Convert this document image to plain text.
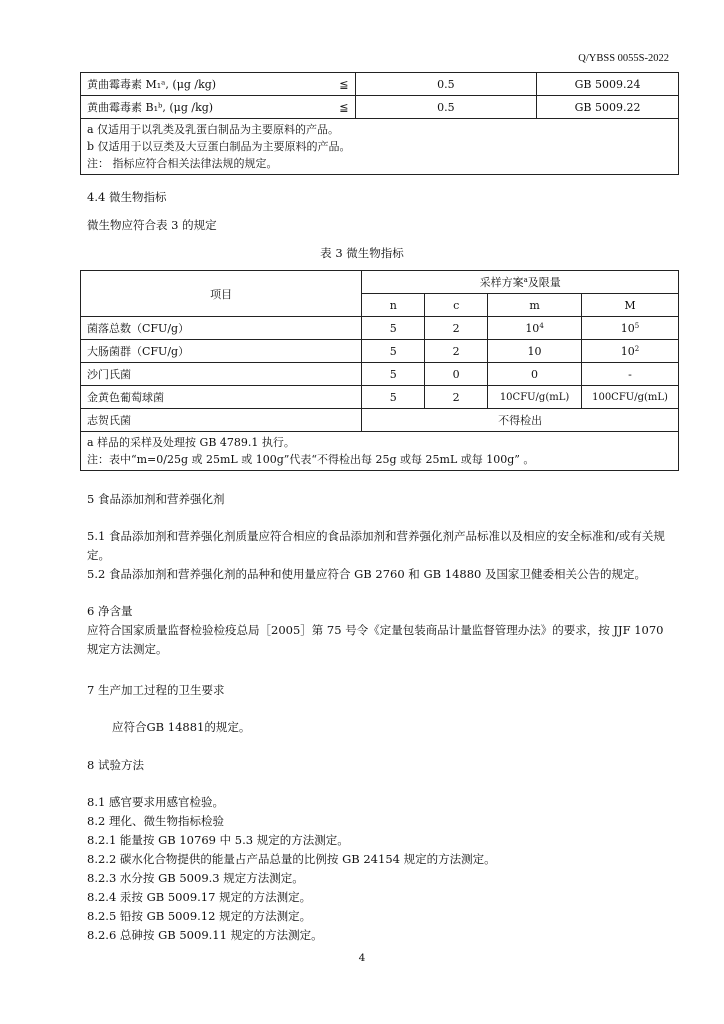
Q/YBSS 0055S-2022
黄曲霉毒素 M₁ᵃ, (μg /kg)	≦	0.5	GB 5009.24
黄曲霉毒素 B₁ᵇ, (μg /kg)	≦	0.5	GB 5009.22

a 仅适用于以乳类及乳蛋白制品为主要原料的产品。
b 仅适用于以豆类及大豆蛋白制品为主要原料的产品。
注： 指标应符合相关法律法规的规定。			
4.4 微生物指标
微生物应符合表 3 的规定
表 3 微生物指标
项目	采样方案$^a$及限量			
	n	c	m	M
菌落总数（CFU/g）	5	2	$10^4$	$10^5$
大肠菌群（CFU/g）	5	2	10	$10^2$
沙门氏菌	5	0	0	-
金黄色葡萄球菌	5	2	10CFU/g(mL)	100CFU/g(mL)
志贺氏菌	不得检出			

a 样品的采样及处理按 GB 4789.1 执行。
注：表中“m=0/25g 或 25mL 或 100g”代表“不得检出每 25g 或每 25mL 或每 100g” 。				
5 食品添加剂和营养强化剂
5.1 食品添加剂和营养强化剂质量应符合相应的食品添加剂和营养强化剂产品标准以及相应的安全标准和/或有关规定。
5.2 食品添加剂和营养强化剂的品种和使用量应符合 GB 2760 和 GB 14880 及国家卫健委相关公告的规定。
6 净含量
应符合国家质量监督检验检疫总局［2005］第 75 号令《定量包装商品计量监督管理办法》的要求，按 JJF 1070 规定方法测定。
7 生产加工过程的卫生要求
应符合GB 14881的规定。
8 试验方法
8.1 感官要求用感官检验。
8.2 理化、微生物指标检验
8.2.1 能量按 GB 10769 中 5.3 规定的方法测定。
8.2.2 碳水化合物提供的能量占产品总量的比例按 GB 24154 规定的方法测定。
8.2.3 水分按 GB 5009.3 规定方法测定。
8.2.4 汞按 GB 5009.17 规定的方法测定。
8.2.5 铅按 GB 5009.12 规定的方法测定。
8.2.6 总砷按 GB 5009.11 规定的方法测定。
4
